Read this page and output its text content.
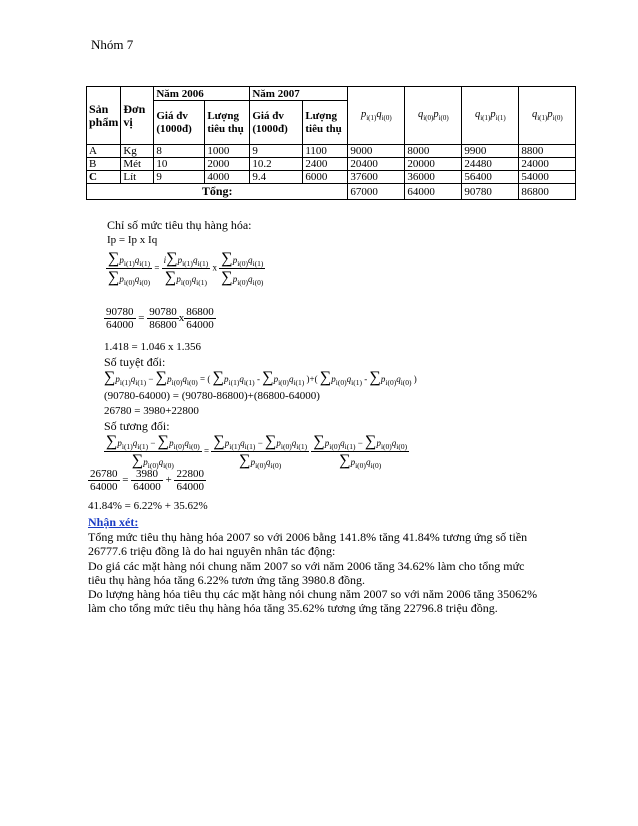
Nhóm 7
Sản phẩm	Đơn vị	Năm 2006		Năm 2007		$p_{i(1)}q_{i(0)}$	$q_{i(0)}p_{i(0)}$	$q_{i(1)}p_{i(1)}$	$q_{i(1)}p_{i(0)}$
		Giá đv (1000đ)	Lượng tiêu thụ	Giá đv (1000đ)	Lượng tiêu thụ				
A	Kg	8	1000	9	1100	9000	8000	9900	8800
B	Mét	10	2000	10.2	2400	20400	20000	24480	24000
C	Lít	9	4000	9.4	6000	37600	36000	56400	54000
Tổng:						67000	64000	90780	86800
Chỉ số mức tiêu thụ hàng hóa:
Ip = Ip x Iq
$\frac{\sum p_{i(1)}q_{i(1)}}{\sum p_{i(0)}q_{i(0)}} = \frac{i\sum p_{i(1)}q_{i(1)}}{\sum p_{i(0)}q_{i(1)}}$ x $\frac{\sum p_{i(0)}q_{i(1)}}{\sum p_{i(0)}q_{i(0)}}$
$\frac{90780}{64000} = \frac{90780}{86800}$ x $\frac{86800}{64000}$
1.418 = 1.046 x 1.356
Số tuyệt đối:
$\sum p_{i(1)}q_{i(1)} - \sum p_{i(0)}q_{i(0)}$ = ( $\sum p_{i(1)}q_{i(1)} - \sum p_{i(0)}q_{i(1)}$ )+( $\sum p_{i(0)}q_{i(1)} - \sum p_{i(0)}q_{i(0)}$ )
(90780-64000) = (90780-86800)+(86800-64000)
26780 = 3980+22800
Số tương đối:
$\frac{\sum p_{i(1)}q_{i(1)} - \sum p_{i(0)}q_{i(0)}}{\sum p_{i(0)}q_{i(0)}} = \frac{\sum p_{i(1)}q_{i(1)} - \sum p_{i(0)}q_{i(1)}}{\sum p_{i(0)}q_{i(0)}}$
$\frac{\sum p_{i(0)}q_{i(1)} - \sum p_{i(0)}q_{i(0)}}{\sum p_{i(0)}q_{i(0)}}$
$\frac{26780}{64000} = \frac{3980}{64000} + \frac{22800}{64000}$
41.84% = 6.22% + 35.62%
Nhận xét:
Tổng mức tiêu thụ hàng hóa 2007 so với 2006 bằng 141.8% tăng 41.84% tương ứng số tiền 26777.6 triệu đồng là do hai nguyên nhân tác động:
Do giá các mặt hàng nói chung năm 2007 so với năm 2006 tăng 34.62% làm cho tổng mức tiêu thụ hàng hóa tăng 6.22% tươn ứng tăng 3980.8 đồng.
Do lượng hàng hóa tiêu thụ các mặt hàng nói chung năm 2007 so với năm 2006 tăng 35062% làm cho tổng mức tiêu thụ hàng hóa tăng 35.62% tương ứng tăng 22796.8 triệu đồng.
